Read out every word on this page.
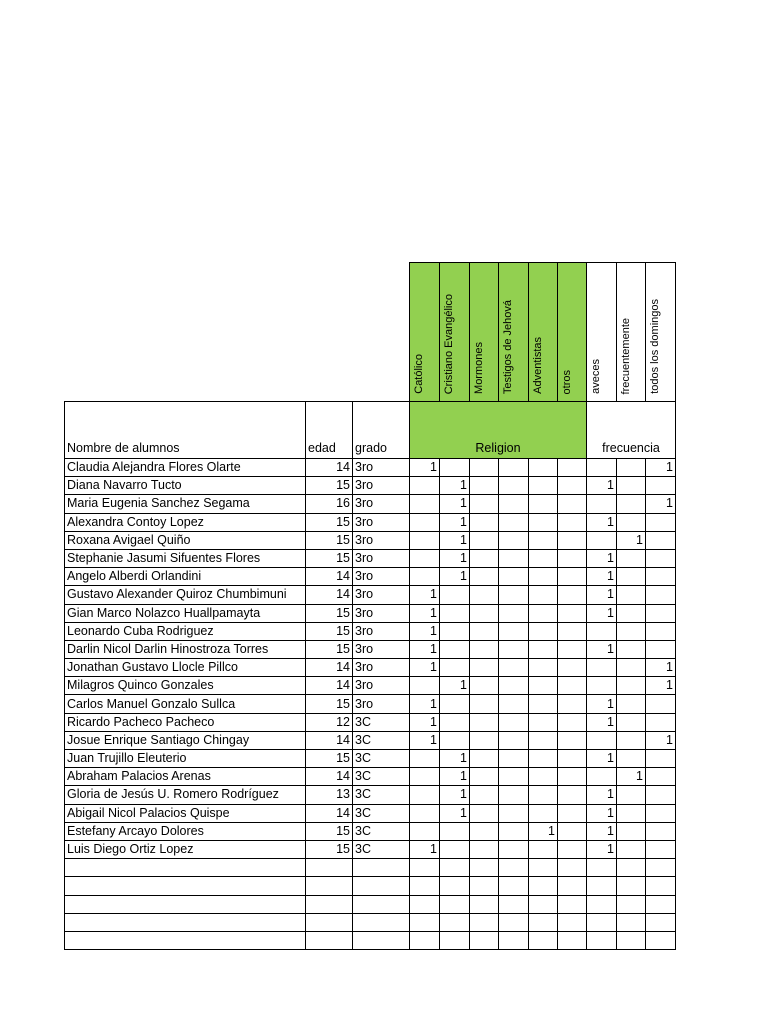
			Católico	Cristiano Evangélico	Mormones	Testigos de Jehová	Adventistas	otros	aveces	frecuentemente	todos los domingos
Nombre de alumnos	edad	grado	Religion						frecuencia		
Claudia Alejandra Flores Olarte	14	3ro	1								1
Diana Navarro Tucto	15	3ro		1					1		
Maria Eugenia Sanchez Segama	16	3ro		1							1
Alexandra Contoy Lopez	15	3ro		1					1		
Roxana Avigael Quiño	15	3ro		1						1	
Stephanie Jasumi Sifuentes Flores	15	3ro		1					1		
Angelo Alberdi Orlandini	14	3ro		1					1		
Gustavo Alexander Quiroz Chumbimuni	14	3ro	1						1		
Gian Marco Nolazco Huallpamayta	15	3ro	1						1		
Leonardo Cuba Rodriguez	15	3ro	1								
Darlin Nicol Darlin Hinostroza Torres	15	3ro	1						1		
Jonathan Gustavo Llocle Pillco	14	3ro	1								1
Milagros Quinco Gonzales	14	3ro		1							1
Carlos Manuel Gonzalo Sullca	15	3ro	1						1		
Ricardo Pacheco Pacheco	12	3C	1						1		
Josue Enrique Santiago Chingay	14	3C	1								1
Juan Trujillo Eleuterio	15	3C		1					1		
Abraham Palacios Arenas	14	3C		1						1	
Gloria de Jesús U. Romero Rodríguez	13	3C		1					1		
Abigail Nicol Palacios Quispe	14	3C		1					1		
Estefany Arcayo Dolores	15	3C					1		1		
Luis Diego Ortiz Lopez	15	3C	1						1		
